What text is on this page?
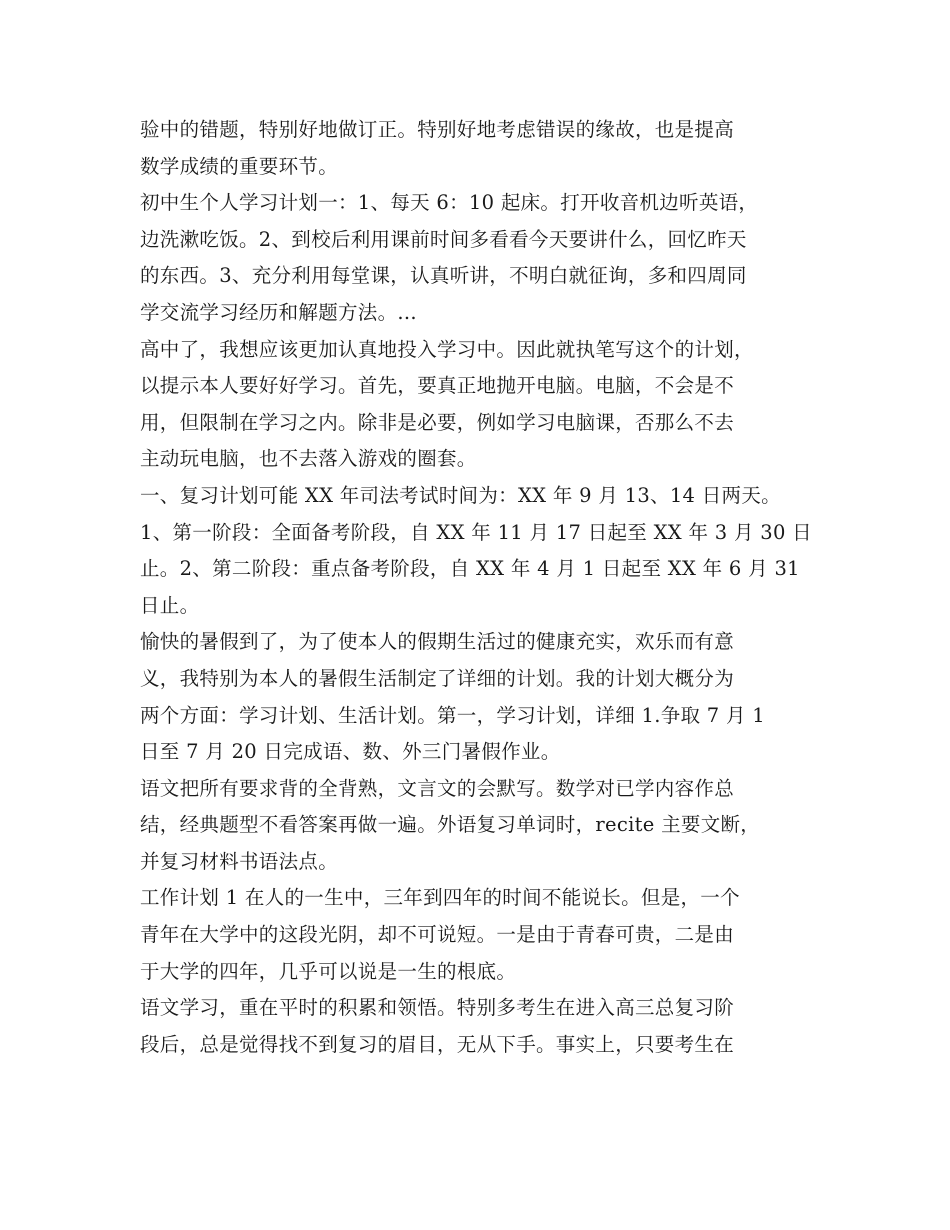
验中的错题，特别好地做订正。特别好地考虑错误的缘故，也是提高
数学成绩的重要环节。
初中生个人学习计划一：1、每天 6：10 起床。打开收音机边听英语，
边洗漱吃饭。2、到校后利用课前时间多看看今天要讲什么，回忆昨天
的东西。3、充分利用每堂课，认真听讲，不明白就征询，多和四周同
学交流学习经历和解题方法。...
高中了，我想应该更加认真地投入学习中。因此就执笔写这个的计划，
以提示本人要好好学习。首先，要真正地抛开电脑。电脑，不会是不
用，但限制在学习之内。除非是必要，例如学习电脑课，否那么不去
主动玩电脑，也不去落入游戏的圈套。
一、复习计划可能 XX 年司法考试时间为：XX 年 9 月 13、14 日两天。
1、第一阶段：全面备考阶段，自 XX 年 11 月 17 日起至 XX 年 3 月 30 日
止。2、第二阶段：重点备考阶段，自 XX 年 4 月 1 日起至 XX 年 6 月 31
日止。
愉快的暑假到了，为了使本人的假期生活过的健康充实，欢乐而有意
义，我特别为本人的暑假生活制定了详细的计划。我的计划大概分为
两个方面：学习计划、生活计划。第一，学习计划，详细 1.争取 7 月 1
日至 7 月 20 日完成语、数、外三门暑假作业。
语文把所有要求背的全背熟，文言文的会默写。数学对已学内容作总
结，经典题型不看答案再做一遍。外语复习单词时，recite 主要文断，
并复习材料书语法点。
工作计划 1 在人的一生中，三年到四年的时间不能说长。但是，一个
青年在大学中的这段光阴，却不可说短。一是由于青春可贵，二是由
于大学的四年，几乎可以说是一生的根底。
语文学习，重在平时的积累和领悟。特别多考生在进入高三总复习阶
段后，总是觉得找不到复习的眉目，无从下手。事实上，只要考生在
